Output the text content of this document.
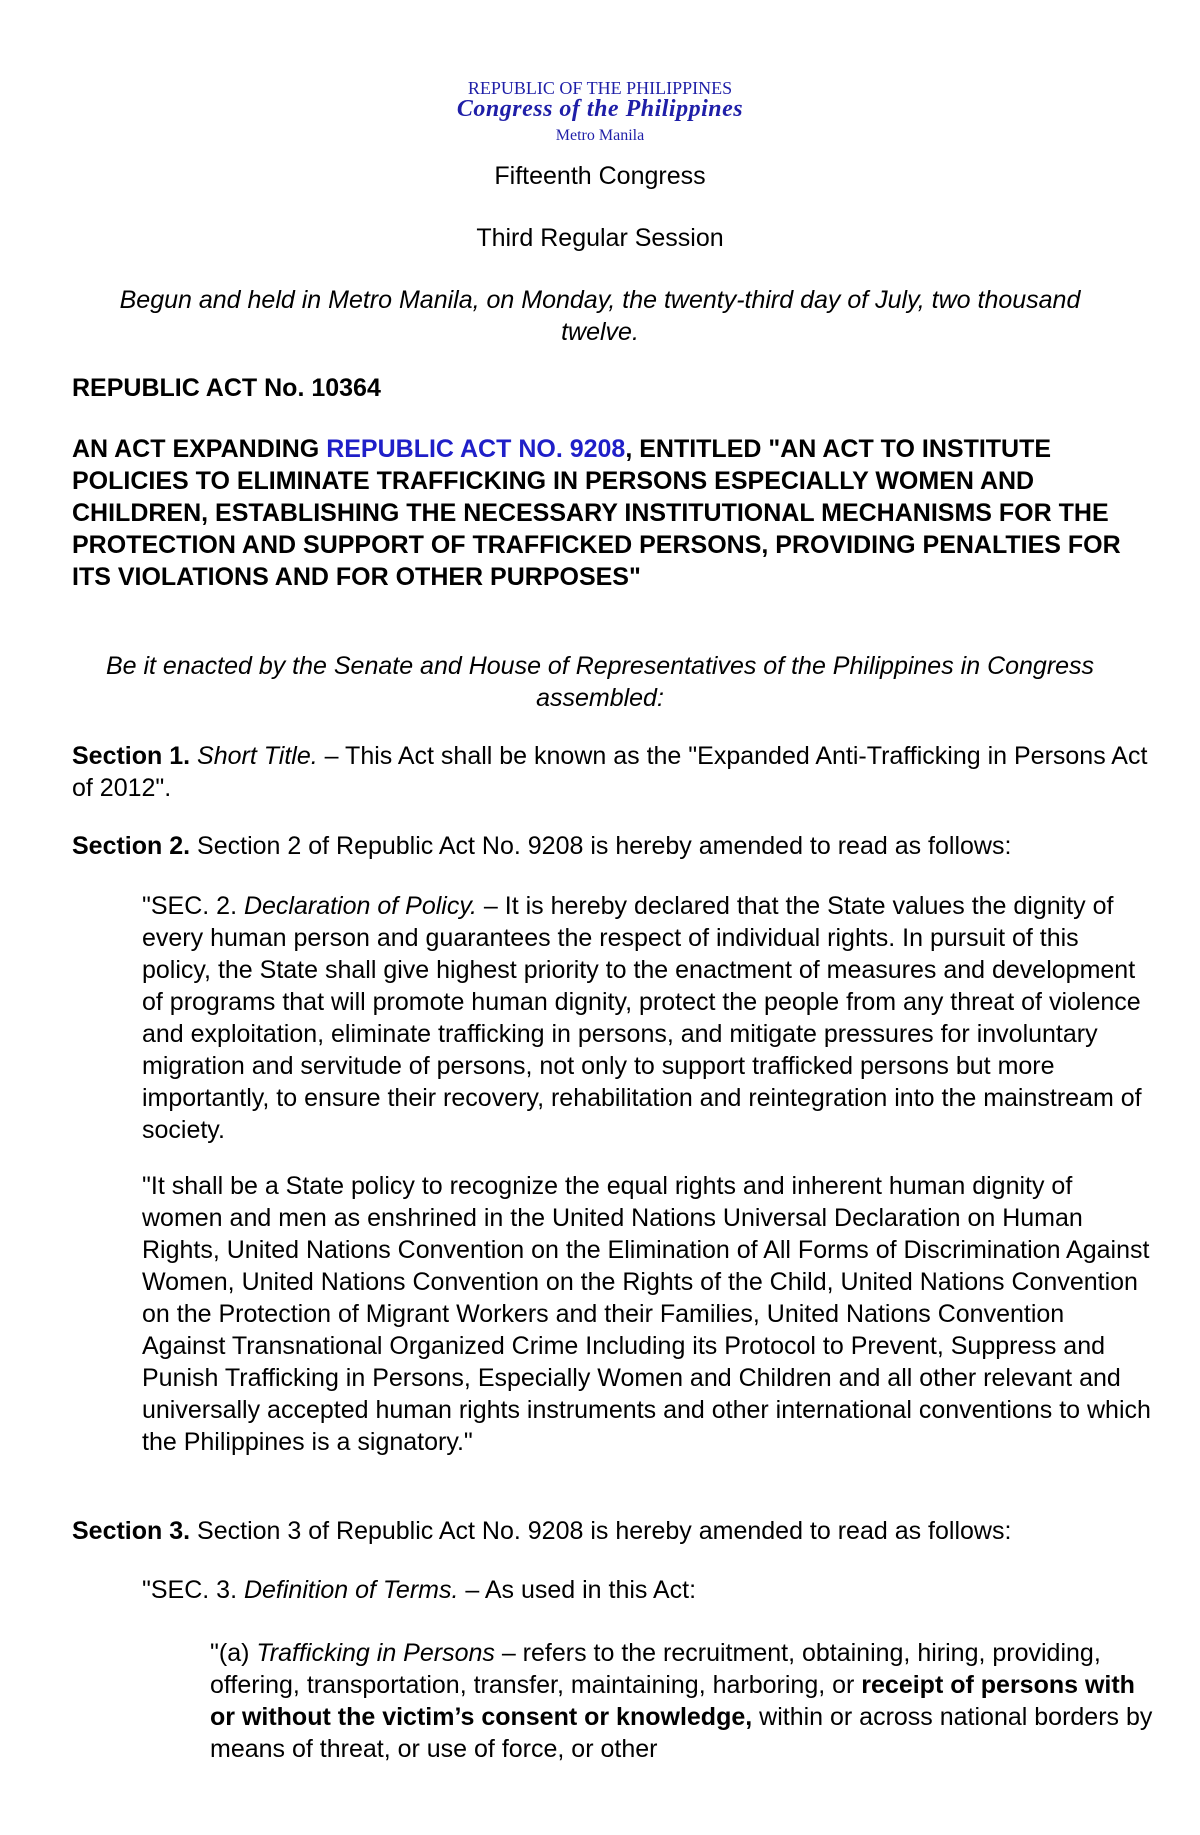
REPUBLIC OF THE PHILIPPINES
Congress of the Philippines
Metro Manila
Fifteenth Congress
Third Regular Session
Begun and held in Metro Manila, on Monday, the twenty-third day of July, two thousand twelve.
REPUBLIC ACT No. 10364
AN ACT EXPANDING REPUBLIC ACT NO. 9208, ENTITLED "AN ACT TO INSTITUTE POLICIES TO ELIMINATE TRAFFICKING IN PERSONS ESPECIALLY WOMEN AND CHILDREN, ESTABLISHING THE NECESSARY INSTITUTIONAL MECHANISMS FOR THE PROTECTION AND SUPPORT OF TRAFFICKED PERSONS, PROVIDING PENALTIES FOR ITS VIOLATIONS AND FOR OTHER PURPOSES"
Be it enacted by the Senate and House of Representatives of the Philippines in Congress assembled:
Section 1. Short Title. – This Act shall be known as the "Expanded Anti-Trafficking in Persons Act of 2012".
Section 2. Section 2 of Republic Act No. 9208 is hereby amended to read as follows:
"SEC. 2. Declaration of Policy. – It is hereby declared that the State values the dignity of every human person and guarantees the respect of individual rights. In pursuit of this policy, the State shall give highest priority to the enactment of measures and development of programs that will promote human dignity, protect the people from any threat of violence and exploitation, eliminate trafficking in persons, and mitigate pressures for involuntary migration and servitude of persons, not only to support trafficked persons but more importantly, to ensure their recovery, rehabilitation and reintegration into the mainstream of society.
"It shall be a State policy to recognize the equal rights and inherent human dignity of women and men as enshrined in the United Nations Universal Declaration on Human Rights, United Nations Convention on the Elimination of All Forms of Discrimination Against Women, United Nations Convention on the Rights of the Child, United Nations Convention on the Protection of Migrant Workers and their Families, United Nations Convention Against Transnational Organized Crime Including its Protocol to Prevent, Suppress and Punish Trafficking in Persons, Especially Women and Children and all other relevant and universally accepted human rights instruments and other international conventions to which the Philippines is a signatory."
Section 3. Section 3 of Republic Act No. 9208 is hereby amended to read as follows:
"SEC. 3. Definition of Terms. – As used in this Act:
"(a) Trafficking in Persons – refers to the recruitment, obtaining, hiring, providing, offering, transportation, transfer, maintaining, harboring, or receipt of persons with or without the victim’s consent or knowledge, within or across national borders by means of threat, or use of force, or other
